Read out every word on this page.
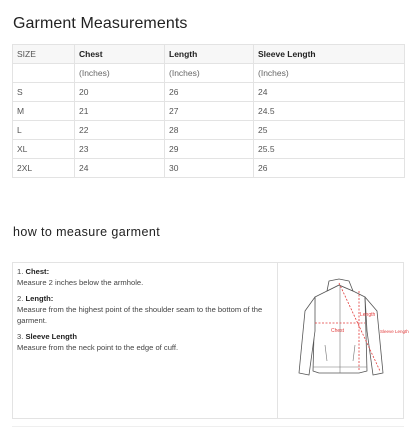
Garment Measurements
SIZE	Chest	Length	Sleeve Length
	(Inches)	(Inches)	(Inches)
S	20	26	24
M	21	27	24.5
L	22	28	25
XL	23	29	25.5
2XL	24	30	26
how to measure garment

1. Chest:
Measure 2 inches below the armhole.

2. Length:
Measure from the highest point of the shoulder seam to the bottom of the garment.

3. Sleeve Length
Measure from the neck point to the edge of cuff.

Chest
Length
Sleeve Length
